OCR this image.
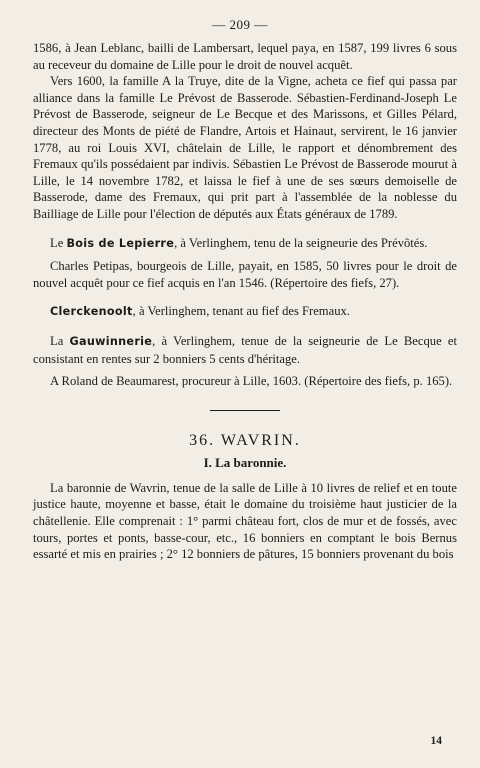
— 209 —

1586, à Jean Leblanc, bailli de Lambersart, lequel paya, en 1587, 199 livres 6 sous au receveur du domaine de Lille pour le droit de nouvel acquêt.

Vers 1600, la famille A la Truye, dite de la Vigne, acheta ce fief qui passa par alliance dans la famille Le Prévost de Basserode. Sébastien-Ferdinand-Joseph Le Prévost de Basserode, seigneur de Le Becque et des Marissons, et Gilles Pélard, directeur des Monts de piété de Flandre, Artois et Hainaut, servirent, le 16 janvier 1778, au roi Louis XVI, châtelain de Lille, le rapport et dénombrement des Fremaux qu'ils possédaient par indivis. Sébastien Le Prévost de Basserode mourut à Lille, le 14 novembre 1782, et laissa le fief à une de ses sœurs demoiselle de Basserode, dame des Fremaux, qui prit part à l'assemblée de la noblesse du Bailliage de Lille pour l'élection de députés aux États généraux de 1789.

Le Bois de Lepierre, à Verlinghem, tenu de la seigneurie des Prévôtés.

Charles Petipas, bourgeois de Lille, payait, en 1585, 50 livres pour le droit de nouvel acquêt pour ce fief acquis en l'an 1546. (Répertoire des fiefs, 27).

Clerckenoolt, à Verlinghem, tenant au fief des Fremaux.

La Gauwinnerie, à Verlinghem, tenue de la seigneurie de Le Becque et consistant en rentes sur 2 bonniers 5 cents d'héritage.

A Roland de Beaumarest, procureur à Lille, 1603. (Répertoire des fiefs, p. 165).

36. WAVRIN.
I. La baronnie.

La baronnie de Wavrin, tenue de la salle de Lille à 10 livres de relief et en toute justice haute, moyenne et basse, était le domaine du troisième haut justicier de la châtellenie. Elle comprenait : 1° parmi château fort, clos de mur et de fossés, avec tours, portes et ponts, basse-cour, etc., 16 bonniers en comptant le bois Bernus essarté et mis en prairies ; 2° 12 bonniers de pâtures, 15 bonniers provenant du bois

14
